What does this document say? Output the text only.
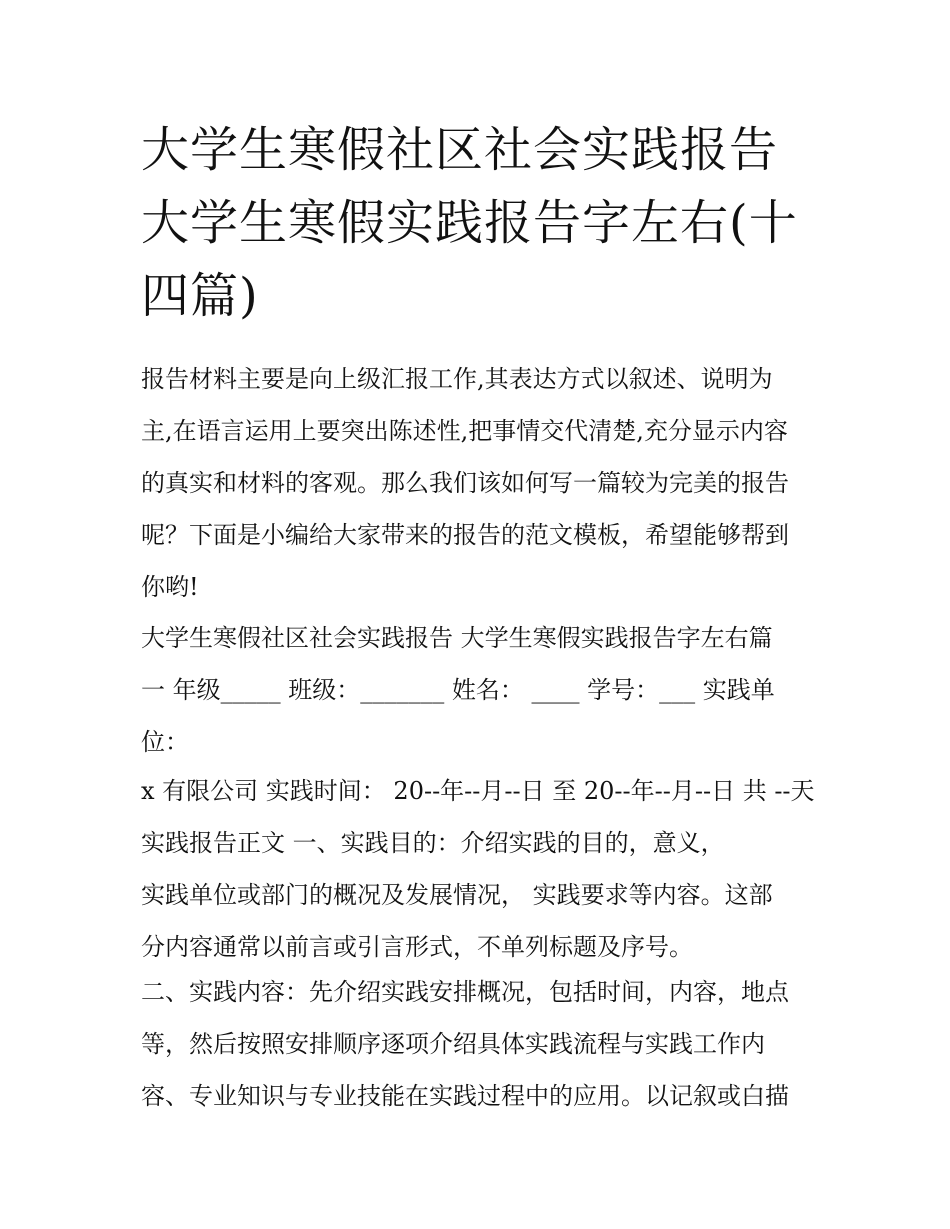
大学生寒假社区社会实践报告
大学生寒假实践报告字左右(十
四篇)

报告材料主要是向上级汇报工作,其表达方式以叙述、说明为
主,在语言运用上要突出陈述性,把事情交代清楚,充分显示内容
的真实和材料的客观。那么我们该如何写一篇较为完美的报告
呢？下面是小编给大家带来的报告的范文模板，希望能够帮到
你哟!

大学生寒假社区社会实践报告 大学生寒假实践报告字左右篇
一 年级_____ 班级：_______ 姓名： ____ 学号：___ 实践单
位：

x 有限公司 实践时间： 20--年--月--日 至 20--年--月--日 共 --天
实践报告正文 一、实践目的：介绍实践的目的，意义，
实践单位或部门的概况及发展情况， 实践要求等内容。这部
分内容通常以前言或引言形式，不单列标题及序号。

二、实践内容：先介绍实践安排概况，包括时间，内容，地点
等，然后按照安排顺序逐项介绍具体实践流程与实践工作内
容、专业知识与专业技能在实践过程中的应用。以记叙或白描
